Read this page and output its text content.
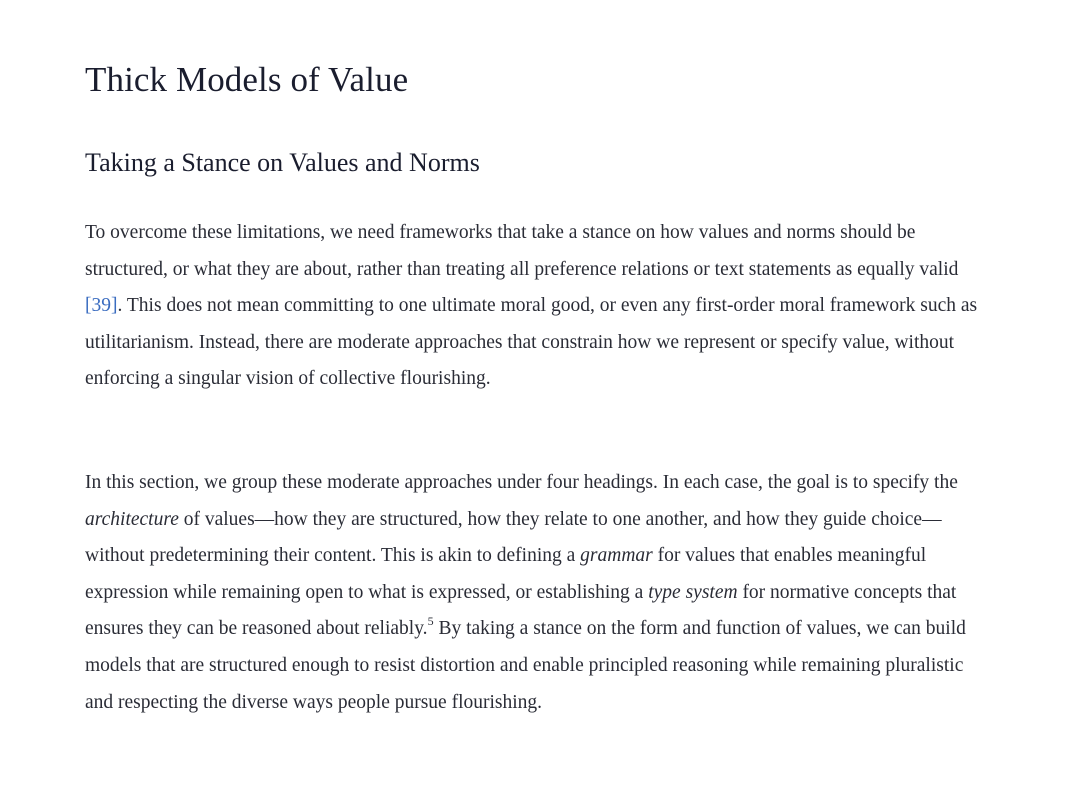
Thick Models of Value
Taking a Stance on Values and Norms

To overcome these limitations, we need frameworks that take a stance on how values and norms should be structured, or what they are about, rather than treating all preference relations or text statements as equally valid [39]. This does not mean committing to one ultimate moral good, or even any first-order moral framework such as utilitarianism. Instead, there are moderate approaches that constrain how we represent or specify value, without enforcing a singular vision of collective flourishing.

In this section, we group these moderate approaches under four headings. In each case, the goal is to specify the architecture of values—how they are structured, how they relate to one another, and how they guide choice—without predetermining their content. This is akin to defining a grammar for values that enables meaningful expression while remaining open to what is expressed, or establishing a type system for normative concepts that ensures they can be reasoned about reliably.$^5$ By taking a stance on the form and function of values, we can build models that are structured enough to resist distortion and enable principled reasoning while remaining pluralistic and respecting the diverse ways people pursue flourishing.
